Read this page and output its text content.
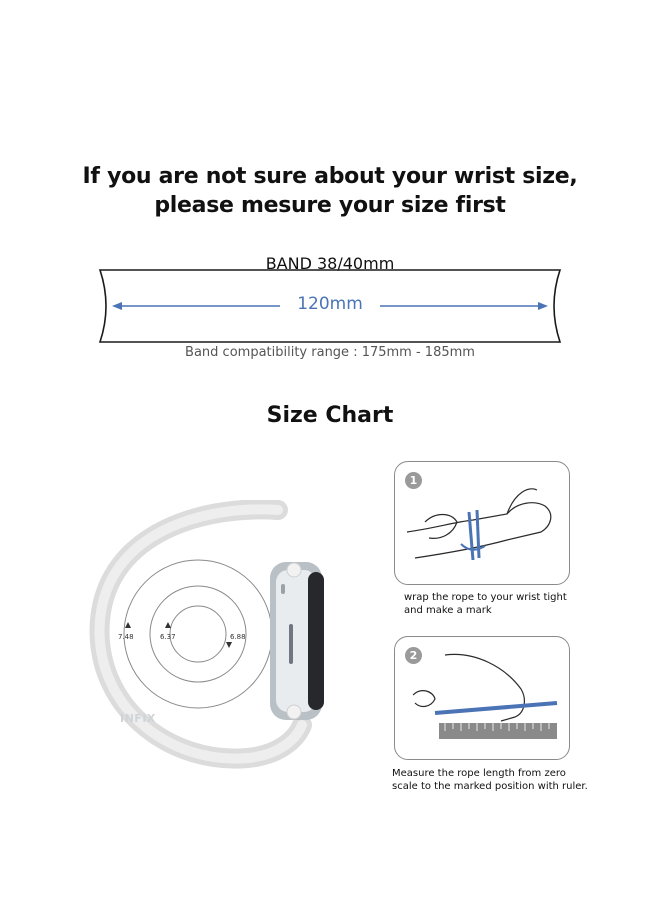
If you are not sure about your wrist size,
please mesure your size first
BAND 38/40mm
120mm
Band compatibility range : 175mm - 185mm
Size Chart
7.48	6.37	6.88
INFIX
1
wrap the rope to your wrist tight
and make a mark
2
Measure the rope length from zero
scale to the marked position with ruler.
